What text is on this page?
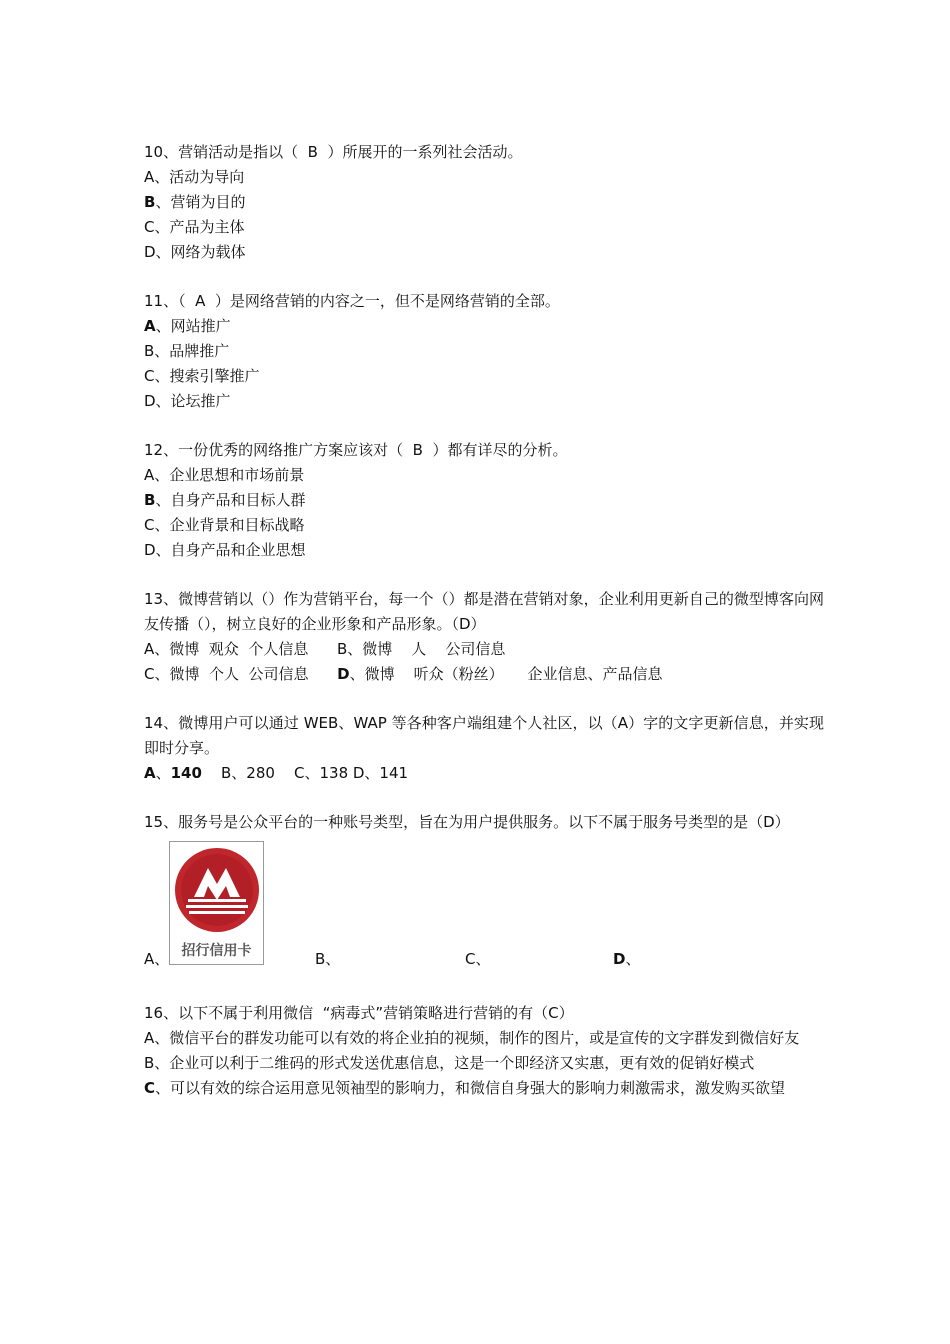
10、营销活动是指以（  B  ）所展开的一系列社会活动。
A、活动为导向
B、营销为目的
C、产品为主体
D、网络为载体
11、（  A  ）是网络营销的内容之一，但不是网络营销的全部。
A、网站推广
B、品牌推广
C、搜索引擎推广
D、论坛推广
12、一份优秀的网络推广方案应该对（  B  ）都有详尽的分析。
A、企业思想和市场前景
B、自身产品和目标人群
C、企业背景和目标战略
D、自身产品和企业思想
13、微博营销以（）作为营销平台，每一个（）都是潜在营销对象，企业利用更新自己的微型博客向网友传播（），树立良好的企业形象和产品形象。（D）
A、微博  观众  个人信息      B、微博    人    公司信息
C、微博  个人  公司信息      D、微博    听众（粉丝）     企业信息、产品信息
14、微博用户可以通过 WEB、WAP 等各种客户端组建个人社区，以（A）字的文字更新信息，并实现即时分享。
A、140    B、280    C、138 D、141
15、服务号是公众平台的一种账号类型，旨在为用户提供服务。以下不属于服务号类型的是（D）
招行信用卡
A、	B、	C、	D、
16、以下不属于利用微信  “病毒式”营销策略进行营销的有（C）
A、微信平台的群发功能可以有效的将企业拍的视频，制作的图片，或是宣传的文字群发到微信好友
B、企业可以利于二维码的形式发送优惠信息，这是一个即经济又实惠，更有效的促销好模式
C、可以有效的综合运用意见领袖型的影响力，和微信自身强大的影响力刺激需求，激发购买欲望
